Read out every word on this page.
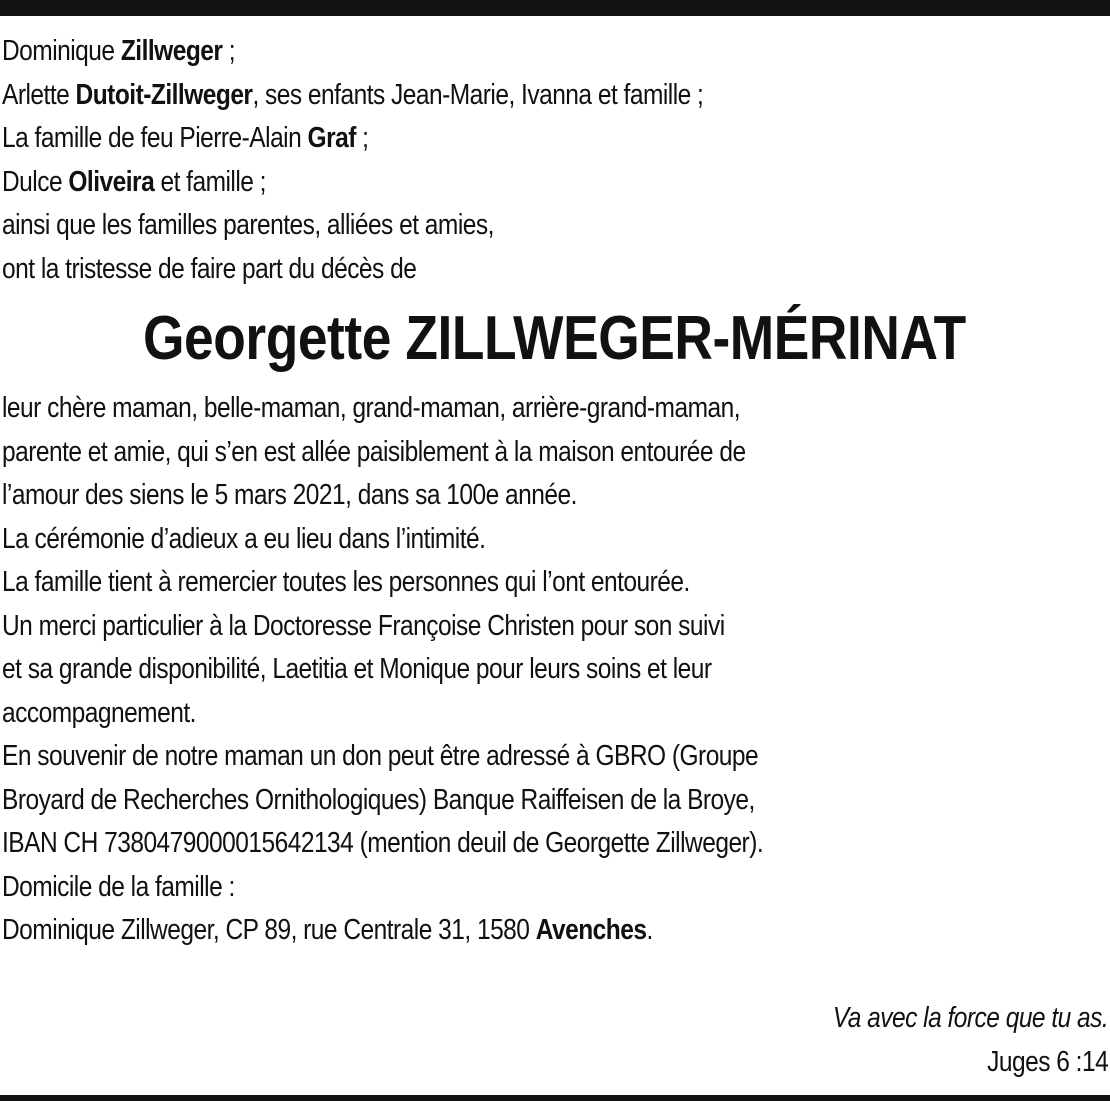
Dominique Zillweger ;
Arlette Dutoit-Zillweger, ses enfants Jean-Marie, Ivanna et famille ;
La famille de feu Pierre-Alain Graf ;
Dulce Oliveira et famille ;
ainsi que les familles parentes, alliées et amies,
ont la tristesse de faire part du décès de
Georgette ZILLWEGER-MÉRINAT
leur chère maman, belle-maman, grand-maman, arrière-grand-maman,
parente et amie, qui s’en est allée paisiblement à la maison entourée de
l’amour des siens le 5 mars 2021, dans sa 100e année.
La cérémonie d’adieux a eu lieu dans l’intimité.
La famille tient à remercier toutes les personnes qui l’ont entourée.
Un merci particulier à la Doctoresse Françoise Christen pour son suivi
et sa grande disponibilité, Laetitia et Monique pour leurs soins et leur
accompagnement.
En souvenir de notre maman un don peut être adressé à GBRO (Groupe
Broyard de Recherches Ornithologiques) Banque Raiffeisen de la Broye,
IBAN CH 7380479000015642134 (mention deuil de Georgette Zillweger).
Domicile de la famille :
Dominique Zillweger, CP 89, rue Centrale 31, 1580 Avenches.
Va avec la force que tu as.
Juges 6 :14
